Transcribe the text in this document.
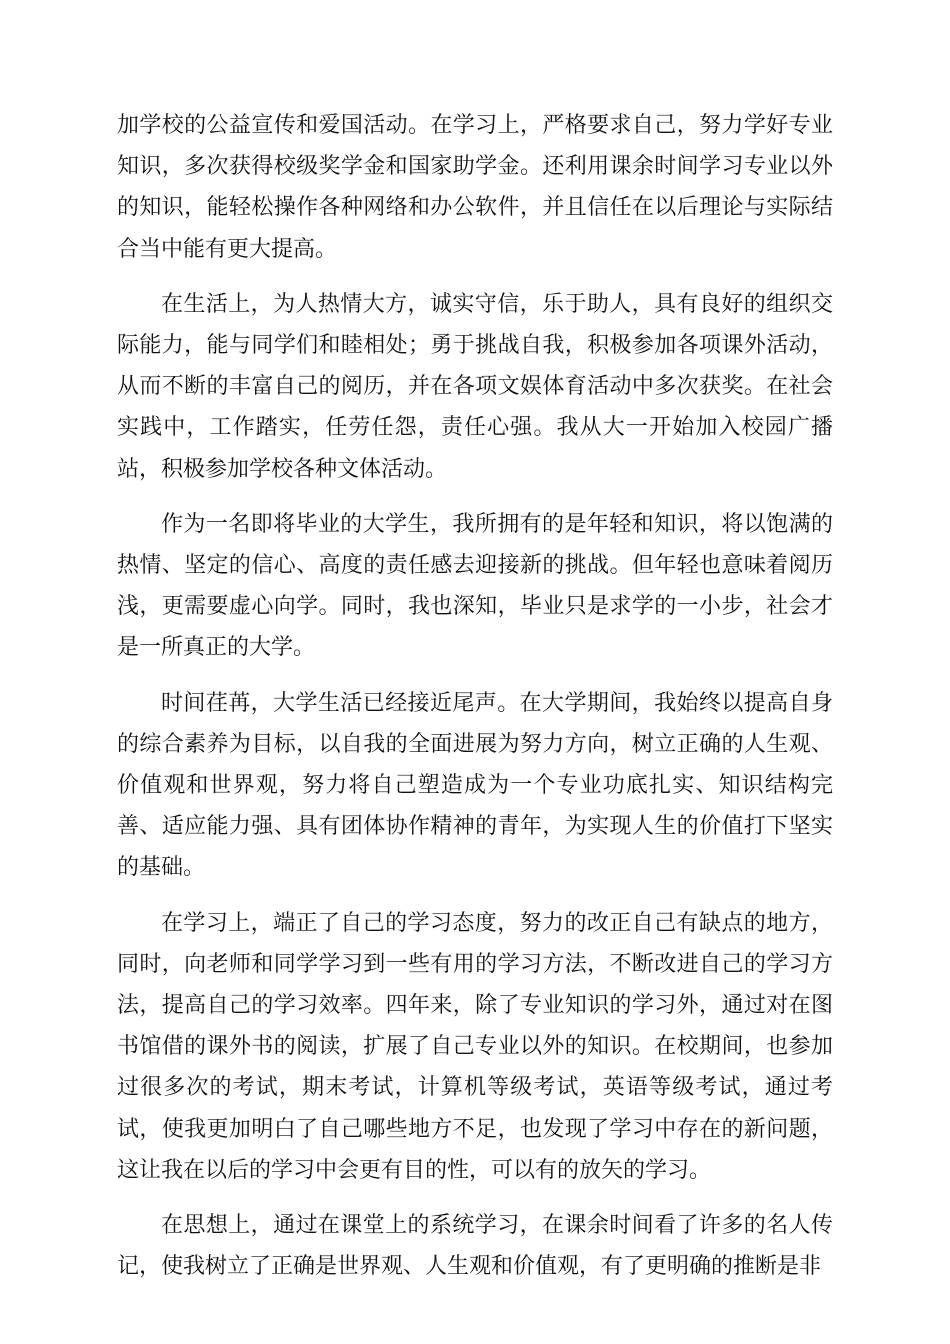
加学校的公益宣传和爱国活动。在学习上，严格要求自己，努力学好专业知识，多次获得校级奖学金和国家助学金。还利用课余时间学习专业以外的知识，能轻松操作各种网络和办公软件，并且信任在以后理论与实际结合当中能有更大提高。

在生活上，为人热情大方，诚实守信，乐于助人，具有良好的组织交际能力，能与同学们和睦相处；勇于挑战自我，积极参加各项课外活动，从而不断的丰富自己的阅历，并在各项文娱体育活动中多次获奖。在社会实践中，工作踏实，任劳任怨，责任心强。我从大一开始加入校园广播站，积极参加学校各种文体活动。

作为一名即将毕业的大学生，我所拥有的是年轻和知识，将以饱满的热情、坚定的信心、高度的责任感去迎接新的挑战。但年轻也意味着阅历浅，更需要虚心向学。同时，我也深知，毕业只是求学的一小步，社会才是一所真正的大学。

时间荏苒，大学生活已经接近尾声。在大学期间，我始终以提高自身的综合素养为目标，以自我的全面进展为努力方向，树立正确的人生观、价值观和世界观，努力将自己塑造成为一个专业功底扎实、知识结构完善、适应能力强、具有团体协作精神的青年，为实现人生的价值打下坚实的基础。

在学习上，端正了自己的学习态度，努力的改正自己有缺点的地方，同时，向老师和同学学习到一些有用的学习方法，不断改进自己的学习方法，提高自己的学习效率。四年来，除了专业知识的学习外，通过对在图书馆借的课外书的阅读，扩展了自己专业以外的知识。在校期间，也参加过很多次的考试，期末考试，计算机等级考试，英语等级考试，通过考试，使我更加明白了自己哪些地方不足，也发现了学习中存在的新问题，这让我在以后的学习中会更有目的性，可以有的放矢的学习。

在思想上，通过在课堂上的系统学习，在课余时间看了许多的名人传记，使我树立了正确是世界观、人生观和价值观，有了更明确的推断是非
